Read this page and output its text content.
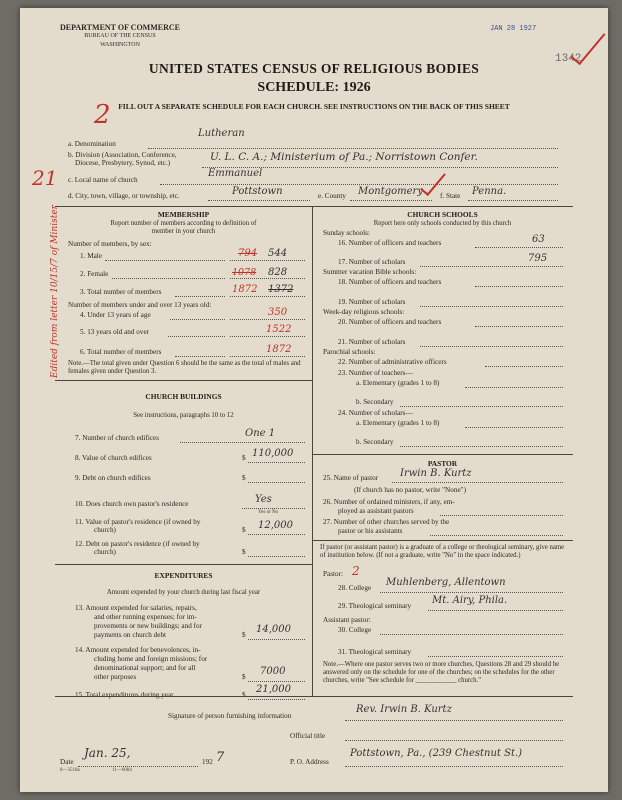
DEPARTMENT OF COMMERCE
BUREAU OF THE CENSUS
WASHINGTON
JAN 28 1927
1342
UNITED STATES CENSUS OF RELIGIOUS BODIES
SCHEDULE: 1926
FILL OUT A SEPARATE SCHEDULE FOR EACH CHURCH. SEE INSTRUCTIONS ON THE BACK OF THIS SHEET
2
21
Edited from letter 10/15/7 of Minister
a. Denomination
Lutheran
b. Division (Association, Conference,
Diocese, Presbytery, Synod, etc.)	U. L. C. A.; Ministerium of Pa.; Norristown Confer.
c. Local name of church
Emmanuel
d. City, town, village, or township, etc.	Pottstown	e. County Montgomery f. State Penna.
MEMBERSHIP
Report number of members according to definition of
member in your church
Number of members, by sex:
1. Male	794 544
2. Female	1078 828
3. Total number of members	1872 1372
Number of members under and over 13 years old:
4. Under 13 years of age	350
5. 13 years old and over	1522
6. Total number of members	1872
Note.—The total given under Question 6 should be the same as the total of males and females given under Question 3.
CHURCH BUILDINGS
See instructions, paragraphs 10 to 12
7. Number of church edifices	One 1
8. Value of church edifices	$ 110,000
9. Debt on church edifices	$
10. Does church own pastor's residence	Yes
Yes or No
11. Value of pastor's residence (if owned by
church)	$ 12,000
12. Debt on pastor's residence (if owned by
church)	$
EXPENDITURES
Amount expended by your church during last fiscal year
13. Amount expended for salaries, repairs,
and other running expenses; for im-
provements or new buildings; and for
payments on church debt	$ 14,000
14. Amount expended for benevolences, in-
cluding home and foreign missions; for
denominational support; and for all
other purposes	$ 7000
15. Total expenditures during year	$ 21,000
CHURCH SCHOOLS
Report here only schools conducted by this church
Sunday schools:
16. Number of officers and teachers	63
17. Number of scholars	795
Summer vacation Bible schools:
18. Number of officers and teachers
19. Number of scholars
Week-day religious schools:
20. Number of officers and teachers
21. Number of scholars
Parochial schools:
22. Number of administrative officers
23. Number of teachers—
a. Elementary (grades 1 to 8)
b. Secondary
24. Number of scholars—
a. Elementary (grades 1 to 8)
b. Secondary
PASTOR
25. Name of pastor Irwin B. Kurtz
(If church has no pastor, write "None")
26. Number of ordained ministers, if any, em-
ployed as assistant pastors
27. Number of other churches served by the
pastor or his assistants
If pastor (or assistant pastor) is a graduate of a college or theological seminary, give name of institution below. (If not a graduate, write "No" in the space indicated.)
Pastor: 2
28. College Muhlenberg, Allentown
29. Theological seminary Mt. Airy, Phila.
Assistant pastor:
30. College
31. Theological seminary
Note.—Where one pastor serves two or more churches, Questions 28 and 29 should be answered only on the schedule for one of the churches; on the schedules for the other churches, write "See schedule for ____________ church."
Signature of person furnishing information
Rev. Irwin B. Kurtz
Official title
Date
Jan. 25,
192 7
8—3518a	11—6084
P. O. Address
Pottstown, Pa., (239 Chestnut St.)
